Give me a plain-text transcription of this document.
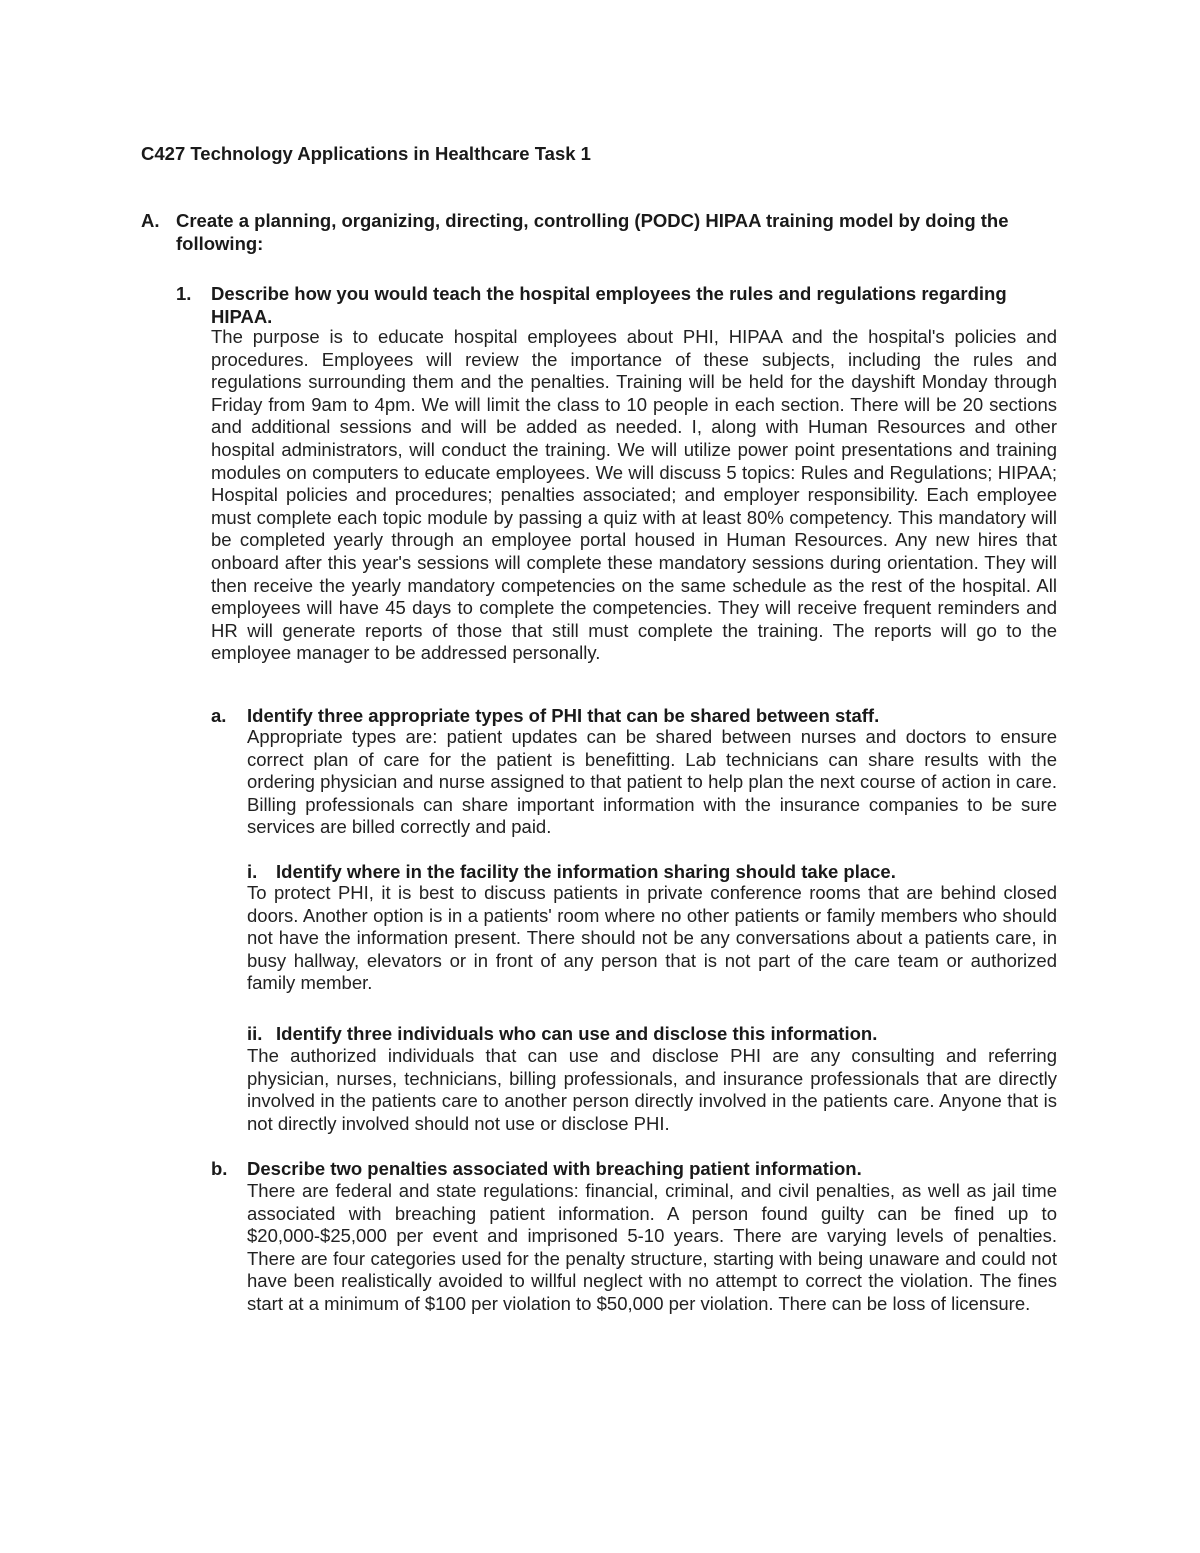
C427 Technology Applications in Healthcare Task 1
A. Create a planning, organizing, directing, controlling (PODC) HIPAA training model by doing the following:
1. Describe how you would teach the hospital employees the rules and regulations regarding HIPAA.
The purpose is to educate hospital employees about PHI, HIPAA and the hospital's policies and procedures. Employees will review the importance of these subjects, including the rules and regulations surrounding them and the penalties. Training will be held for the dayshift Monday through Friday from 9am to 4pm. We will limit the class to 10 people in each section. There will be 20 sections and additional sessions and will be added as needed. I, along with Human Resources and other hospital administrators, will conduct the training. We will utilize power point presentations and training modules on computers to educate employees. We will discuss 5 topics: Rules and Regulations; HIPAA; Hospital policies and procedures; penalties associated; and employer responsibility. Each employee must complete each topic module by passing a quiz with at least 80% competency. This mandatory will be completed yearly through an employee portal housed in Human Resources. Any new hires that onboard after this year's sessions will complete these mandatory sessions during orientation. They will then receive the yearly mandatory competencies on the same schedule as the rest of the hospital. All employees will have 45 days to complete the competencies. They will receive frequent reminders and HR will generate reports of those that still must complete the training. The reports will go to the employee manager to be addressed personally.
a. Identify three appropriate types of PHI that can be shared between staff.
Appropriate types are: patient updates can be shared between nurses and doctors to ensure correct plan of care for the patient is benefitting. Lab technicians can share results with the ordering physician and nurse assigned to that patient to help plan the next course of action in care. Billing professionals can share important information with the insurance companies to be sure services are billed correctly and paid.
i. Identify where in the facility the information sharing should take place.
To protect PHI, it is best to discuss patients in private conference rooms that are behind closed doors. Another option is in a patients' room where no other patients or family members who should not have the information present. There should not be any conversations about a patients care, in busy hallway, elevators or in front of any person that is not part of the care team or authorized family member.
ii. Identify three individuals who can use and disclose this information.
The authorized individuals that can use and disclose PHI are any consulting and referring physician, nurses, technicians, billing professionals, and insurance professionals that are directly involved in the patients care to another person directly involved in the patients care. Anyone that is not directly involved should not use or disclose PHI.
b. Describe two penalties associated with breaching patient information.
There are federal and state regulations: financial, criminal, and civil penalties, as well as jail time associated with breaching patient information. A person found guilty can be fined up to $20,000-$25,000 per event and imprisoned 5-10 years. There are varying levels of penalties. There are four categories used for the penalty structure, starting with being unaware and could not have been realistically avoided to willful neglect with no attempt to correct the violation. The fines start at a minimum of $100 per violation to $50,000 per violation. There can be loss of licensure.
